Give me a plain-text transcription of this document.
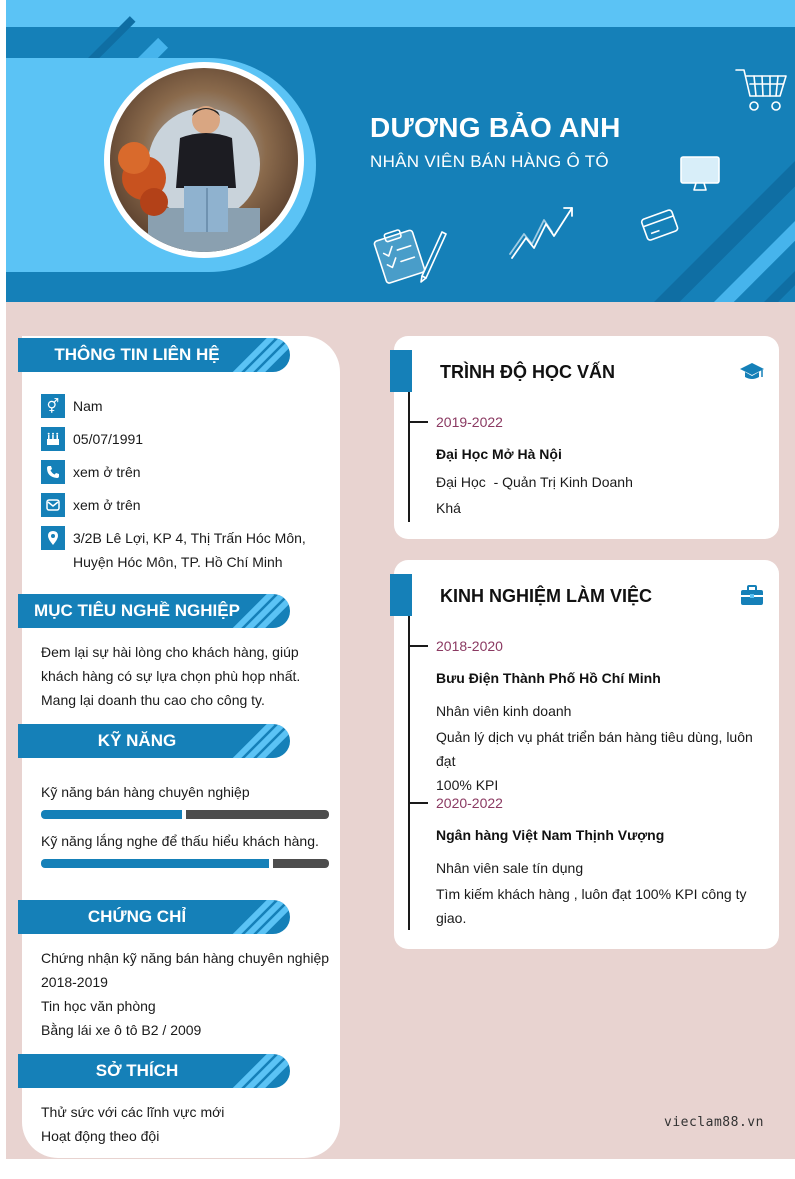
DƯƠNG BẢO ANH
NHÂN VIÊN BÁN HÀNG Ô TÔ
THÔNG TIN LIÊN HỆ
⚥ Nam
05/07/1991
xem ở trên
xem ở trên
3/2B Lê Lợi, KP 4, Thị Trấn Hóc Môn,
Huyện Hóc Môn, TP. Hồ Chí Minh
MỤC TIÊU NGHỀ NGHIỆP
Đem lại sự hài lòng cho khách hàng, giúp
khách hàng có sự lựa chọn phù họp nhất.
Mang lại doanh thu cao cho công ty.
KỸ NĂNG
Kỹ năng bán hàng chuyên nghiệp
Kỹ năng lắng nghe để thấu hiểu khách hàng.
CHỨNG CHỈ
Chứng nhận kỹ năng bán hàng chuyên nghiệp
2018-2019
Tin học văn phòng
Bằng lái xe ô tô B2 / 2009
SỞ THÍCH
Thử sức với các lĩnh vực mới
Hoạt động theo đội
TRÌNH ĐỘ HỌC VẤN
2019-2022
Đại Học Mở Hà Nội
Đại Học  - Quản Trị Kinh Doanh
Khá
KINH NGHIỆM LÀM VIỆC
2018-2020
Bưu Điện Thành Phố Hồ Chí Minh
Nhân viên kinh doanh
Quản lý dịch vụ phát triển bán hàng tiêu dùng, luôn đạt
100% KPI
2020-2022
Ngân hàng Việt Nam Thịnh Vượng
Nhân viên sale tín dụng
Tìm kiếm khách hàng , luôn đạt 100% KPI công ty
giao.
vieclam88.vn
